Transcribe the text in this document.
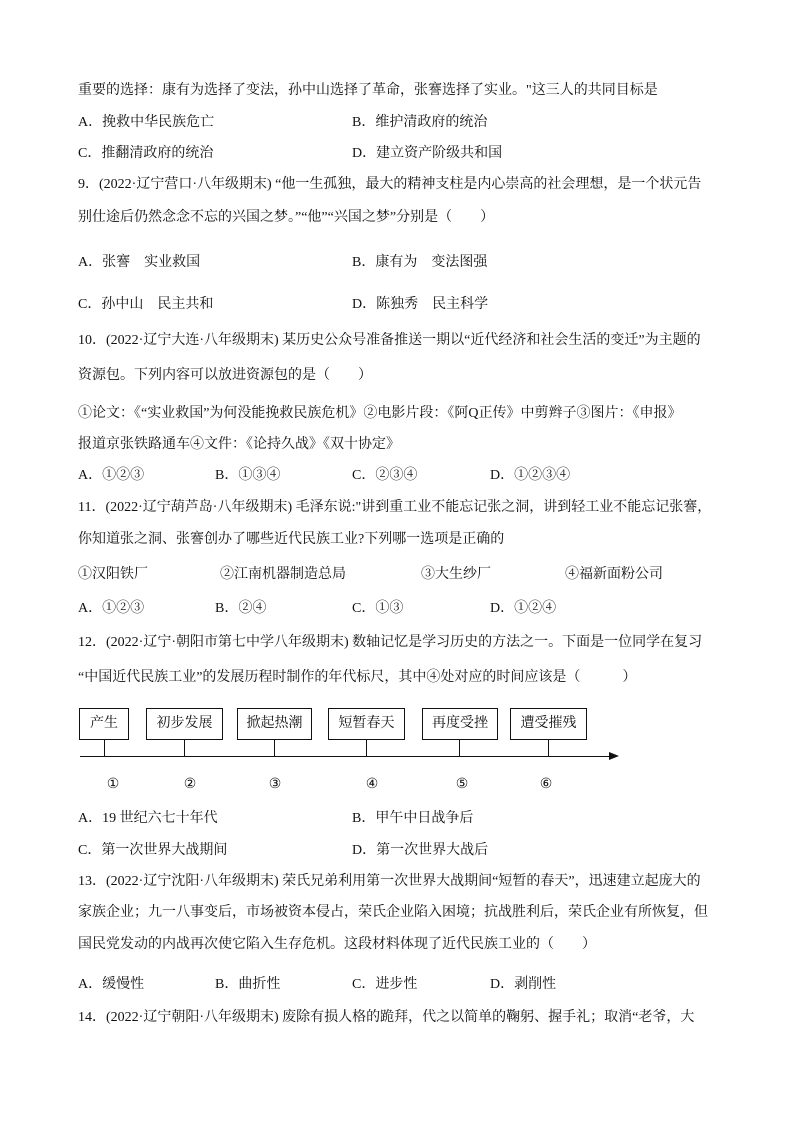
重要的选择：康有为选择了变法，孙中山选择了革命，张謇选择了实业。"这三人的共同目标是
A．挽救中华民族危亡	B．维护清政府的统治
C．推翻清政府的统治	D．建立资产阶级共和国
9．(2022·辽宁营口·八年级期末) “他一生孤独，最大的精神支柱是内心崇高的社会理想，是一个状元告
别仕途后仍然念念不忘的兴国之梦。”“他”“兴国之梦”分别是（　　）
A．张謇　实业救国	B．康有为　变法图强
C．孙中山　民主共和	D．陈独秀　民主科学
10．(2022·辽宁大连·八年级期末) 某历史公众号准备推送一期以“近代经济和社会生活的变迁”为主题的
资源包。下列内容可以放进资源包的是（　　）
①论文：《“实业救国”为何没能挽救民族危机》②电影片段：《阿Q正传》中剪辫子③图片：《申报》
报道京张铁路通车④文件：《论持久战》《双十协定》
A．①②③	B．①③④	C．②③④	D．①②③④
11．(2022·辽宁葫芦岛·八年级期末) 毛泽东说:"讲到重工业不能忘记张之洞，讲到轻工业不能忘记张謇，
你知道张之洞、张謇创办了哪些近代民族工业?下列哪一选项是正确的
①汉阳铁厂	②江南机器制造总局	③大生纱厂	④福新面粉公司
A．①②③	B．②④	C．①③	D．①②④
12．(2022·辽宁·朝阳市第七中学八年级期末) 数轴记忆是学习历史的方法之一。下面是一位同学在复习
“中国近代民族工业”的发展历程时制作的年代标尺，其中④处对应的时间应该是（　　　）
产生	初步发展	掀起热潮	短暂春天	再度受挫	遭受摧残
①	②	③	④	⑤	⑥
A．19 世纪六七十年代	B．甲午中日战争后
C．第一次世界大战期间	D．第一次世界大战后
13．(2022·辽宁沈阳·八年级期末) 荣氏兄弟利用第一次世界大战期间“短暂的春天”，迅速建立起庞大的
家族企业；九一八事变后，市场被资本侵占，荣氏企业陷入困境；抗战胜利后，荣氏企业有所恢复，但
国民党发动的内战再次使它陷入生存危机。这段材料体现了近代民族工业的（　　）
A．缓慢性	B．曲折性	C．进步性	D．剥削性
14．(2022·辽宁朝阳·八年级期末) 废除有损人格的跪拜，代之以简单的鞠躬、握手礼；取消“老爷，大
